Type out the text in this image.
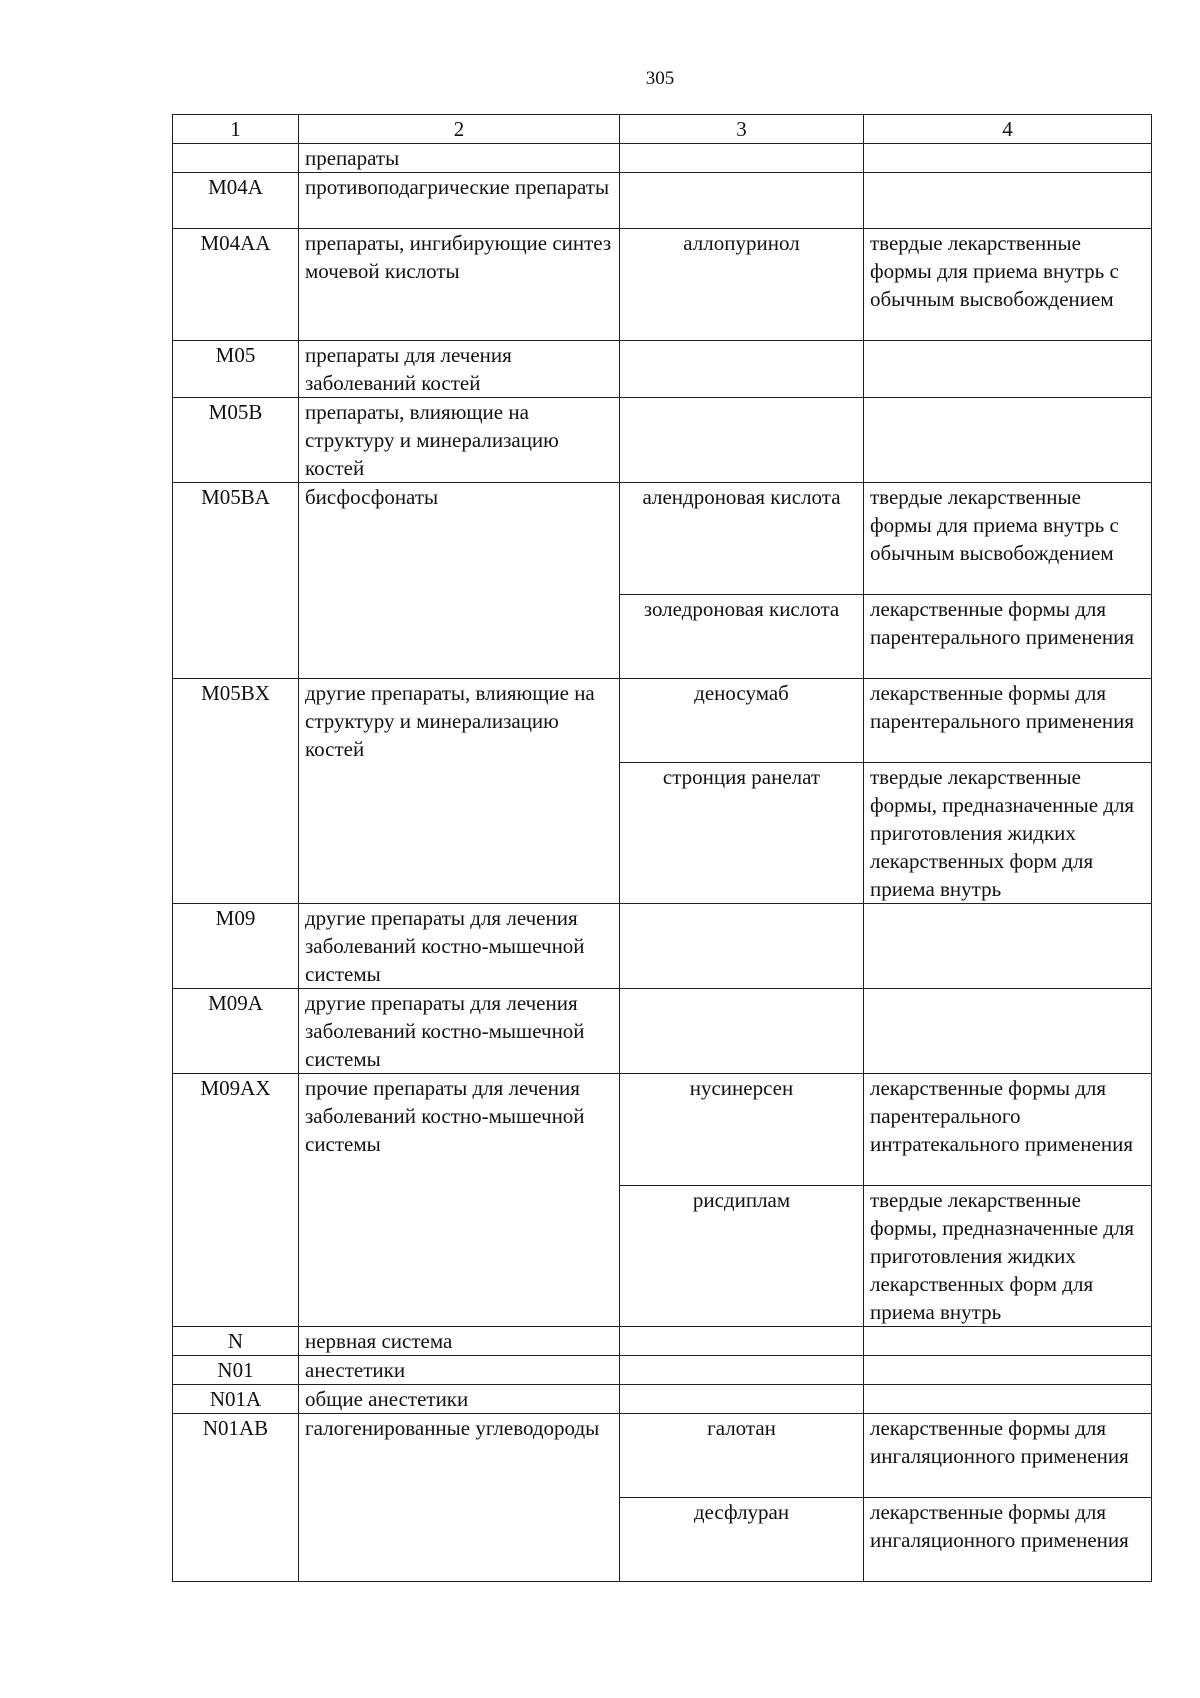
305
1	2	3	4
	препараты		
M04A	противоподагрические препараты		
M04AA	препараты, ингибирующие синтез мочевой кислоты	аллопуринол	твердые лекарственные формы для приема внутрь с обычным высвобождением
M05	препараты для лечения заболеваний костей		
M05B	препараты, влияющие на структуру и минерализацию костей		
M05BA	бисфосфонаты	алендроновая кислота	твердые лекарственные формы для приема внутрь с обычным высвобождением
		золедроновая кислота	лекарственные формы для парентерального применения
M05BX	другие препараты, влияющие на структуру и минерализацию костей	деносумаб	лекарственные формы для парентерального применения
		стронция ранелат	твердые лекарственные формы, предназначенные для приготовления жидких лекарственных форм для приема внутрь
M09	другие препараты для лечения заболеваний костно-мышечной системы		
M09A	другие препараты для лечения заболеваний костно-мышечной системы		
M09AX	прочие препараты для лечения заболеваний костно-мышечной системы	нусинерсен	лекарственные формы для парентерального интратекального применения
		рисдиплам	твердые лекарственные формы, предназначенные для приготовления жидких лекарственных форм для приема внутрь
N	нервная система		
N01	анестетики		
N01A	общие анестетики		
N01AB	галогенированные углеводороды	галотан	лекарственные формы для ингаляционного применения
		десфлуран	лекарственные формы для ингаляционного применения
